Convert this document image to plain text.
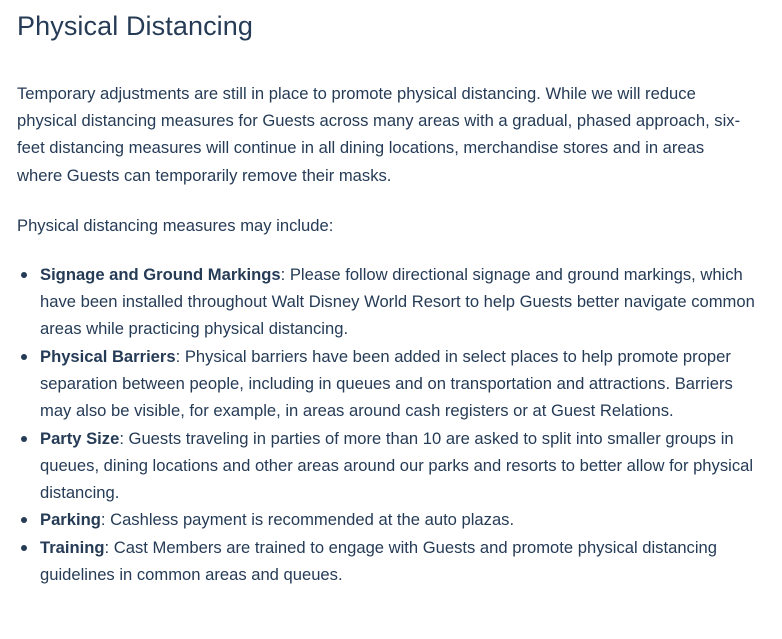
Physical Distancing

Temporary adjustments are still in place to promote physical distancing. While we will reduce physical distancing measures for Guests across many areas with a gradual, phased approach, six-feet distancing measures will continue in all dining locations, merchandise stores and in areas where Guests can temporarily remove their masks.

Physical distancing measures may include:

Signage and Ground Markings: Please follow directional signage and ground markings, which have been installed throughout Walt Disney World Resort to help Guests better navigate common areas while practicing physical distancing.
Physical Barriers: Physical barriers have been added in select places to help promote proper separation between people, including in queues and on transportation and attractions. Barriers may also be visible, for example, in areas around cash registers or at Guest Relations.
Party Size: Guests traveling in parties of more than 10 are asked to split into smaller groups in queues, dining locations and other areas around our parks and resorts to better allow for physical distancing.
Parking: Cashless payment is recommended at the auto plazas.
Training: Cast Members are trained to engage with Guests and promote physical distancing guidelines in common areas and queues.
